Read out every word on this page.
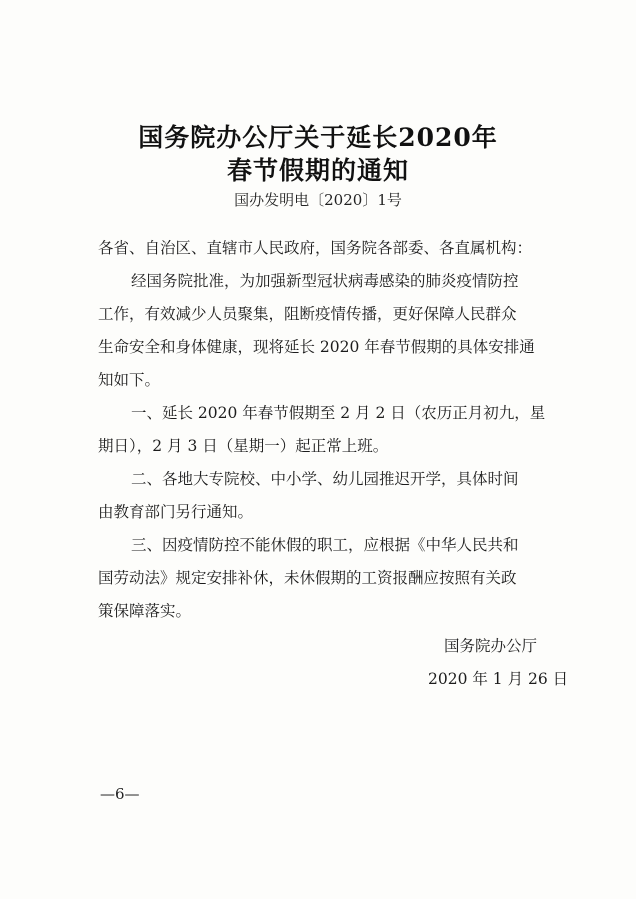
国务院办公厅关于延长2020年
春节假期的通知
国办发明电〔2020〕1号
各省、自治区、直辖市人民政府，国务院各部委、各直属机构：
经国务院批准，为加强新型冠状病毒感染的肺炎疫情防控
工作，有效减少人员聚集，阻断疫情传播，更好保障人民群众
生命安全和身体健康，现将延长 2020 年春节假期的具体安排通
知如下。
一、延长 2020 年春节假期至 2 月 2 日（农历正月初九，星
期日），2 月 3 日（星期一）起正常上班。
二、各地大专院校、中小学、幼儿园推迟开学，具体时间
由教育部门另行通知。
三、因疫情防控不能休假的职工，应根据《中华人民共和
国劳动法》规定安排补休，未休假期的工资报酬应按照有关政
策保障落实。
国务院办公厅
2020 年 1 月 26 日
—6—
